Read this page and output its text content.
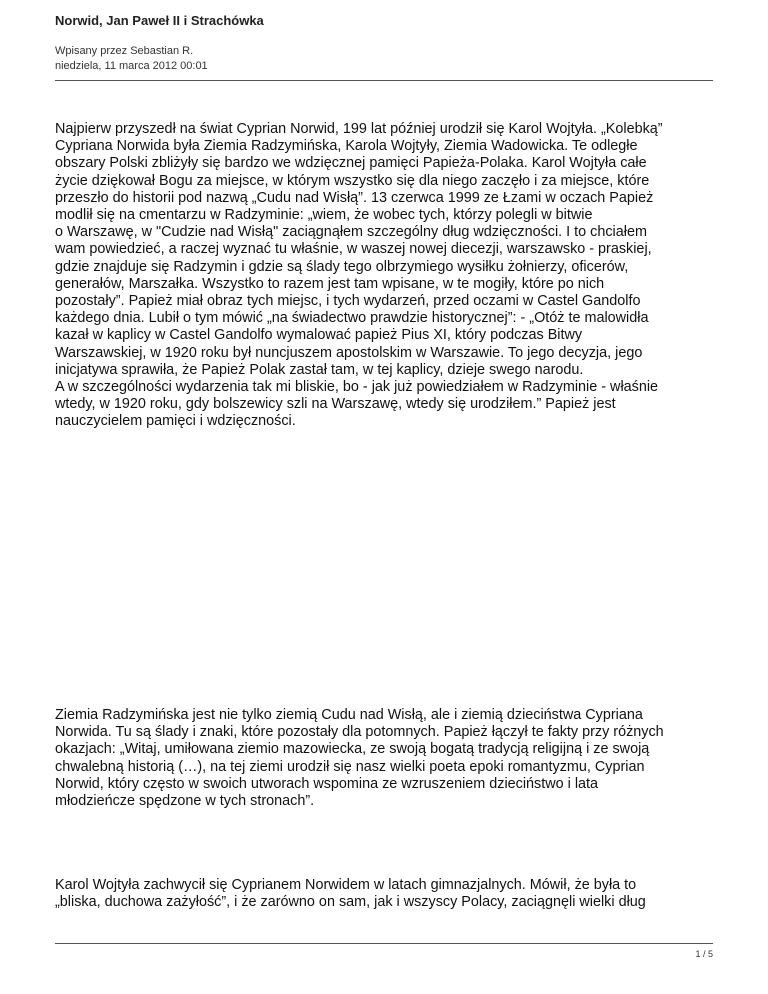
Norwid, Jan Paweł II i Strachówka
Wpisany przez Sebastian R.
niedziela, 11 marca 2012 00:01
Najpierw przyszedł na świat Cyprian Norwid, 199 lat później urodził się Karol Wojtyła. „Kolebką”
Cypriana Norwida była Ziemia Radzymińska, Karola Wojtyły, Ziemia Wadowicka. Te odległe
obszary Polski zbliżyły się bardzo we wdzięcznej pamięci Papieża-Polaka. Karol Wojtyła całe
życie dziękował Bogu za miejsce, w którym wszystko się dla niego zaczęło i za miejsce, które
przeszło do historii pod nazwą „Cudu nad Wisłą”. 13 czerwca 1999 ze Łzami w oczach Papież
modlił się na cmentarzu w Radzyminie: „wiem, że wobec tych, którzy polegli w bitwie
o Warszawę, w "Cudzie nad Wisłą" zaciągnąłem szczególny dług wdzięczności. I to chciałem
wam powiedzieć, a raczej wyznać tu właśnie, w waszej nowej diecezji, warszawsko - praskiej,
gdzie znajduje się Radzymin i gdzie są ślady tego olbrzymiego wysiłku żołnierzy, oficerów,
generałów, Marszałka. Wszystko to razem jest tam wpisane, w te mogiły, które po nich
pozostały”. Papież miał obraz tych miejsc, i tych wydarzeń, przed oczami w Castel Gandolfo
każdego dnia. Lubił o tym mówić „na świadectwo prawdzie historycznej”: - „Otóż te malowidła
kazał w kaplicy w Castel Gandolfo wymalować papież Pius XI, który podczas Bitwy
Warszawskiej, w 1920 roku był nuncjuszem apostolskim w Warszawie. To jego decyzja, jego
inicjatywa sprawiła, że Papież Polak zastał tam, w tej kaplicy, dzieje swego narodu.
A w szczególności wydarzenia tak mi bliskie, bo - jak już powiedziałem w Radzyminie - właśnie
wtedy, w 1920 roku, gdy bolszewicy szli na Warszawę, wtedy się urodziłem.” Papież jest
nauczycielem pamięci i wdzięczności.
Ziemia Radzymińska jest nie tylko ziemią Cudu nad Wisłą, ale i ziemią dzieciństwa Cypriana
Norwida. Tu są ślady i znaki, które pozostały dla potomnych. Papież łączył te fakty przy różnych
okazjach: „Witaj, umiłowana ziemio mazowiecka, ze swoją bogatą tradycją religijną i ze swoją
chwalebną historią (…), na tej ziemi urodził się nasz wielki poeta epoki romantyzmu, Cyprian
Norwid, który często w swoich utworach wspomina ze wzruszeniem dzieciństwo i lata
młodzieńcze spędzone w tych stronach”.
Karol Wojtyła zachwycił się Cyprianem Norwidem w latach gimnazjalnych. Mówił, że była to
„bliska, duchowa zażyłość”, i że zarówno on sam, jak i wszyscy Polacy, zaciągnęli wielki dług
1 / 5
